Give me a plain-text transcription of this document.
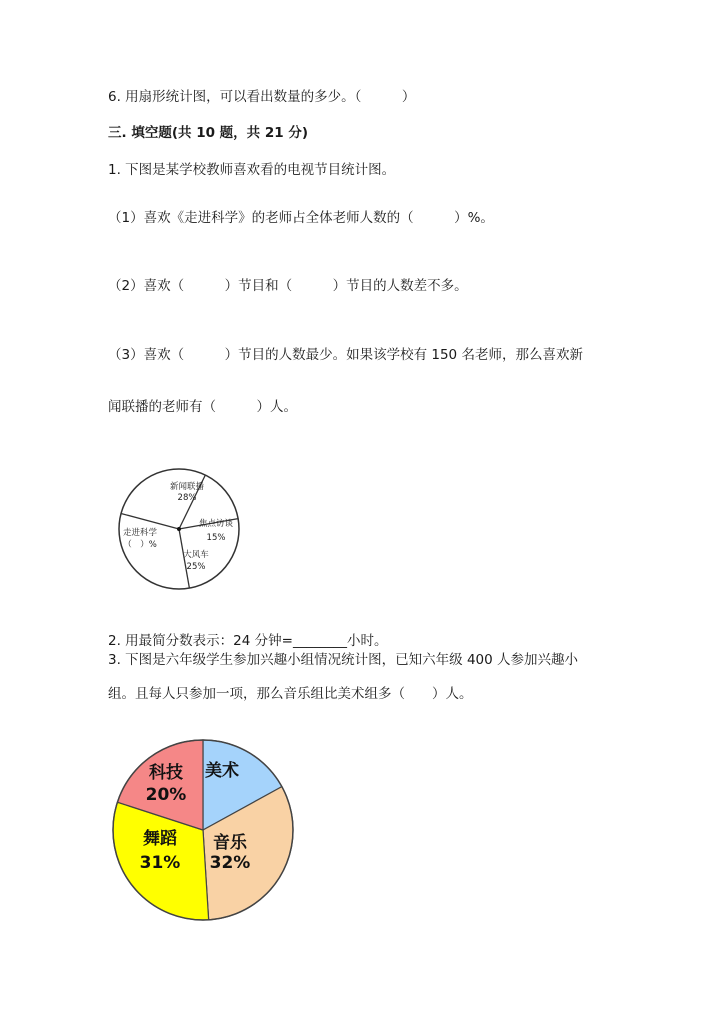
6. 用扇形统计图，可以看出数量的多少。（　　　）
三. 填空题(共 10 题，共 21 分)
1. 下图是某学校教师喜欢看的电视节目统计图。
（1）喜欢《走进科学》的老师占全体老师人数的（　　　）%。
（2）喜欢（　　　）节目和（　　　）节目的人数差不多。
（3）喜欢（　　　）节目的人数最少。如果该学校有 150 名老师，那么喜欢新
闻联播的老师有（　　　）人。
新闻联播
28%
焦点访谈
15%
大风车
25%
走进科学
（　）%
2. 用最简分数表示：24 分钟=________小时。
3. 下图是六年级学生参加兴趣小组情况统计图，已知六年级 400 人参加兴趣小
组。且每人只参加一项，那么音乐组比美术组多（　　）人。
美术
音乐
32%
舞蹈
31%
科技
20%
